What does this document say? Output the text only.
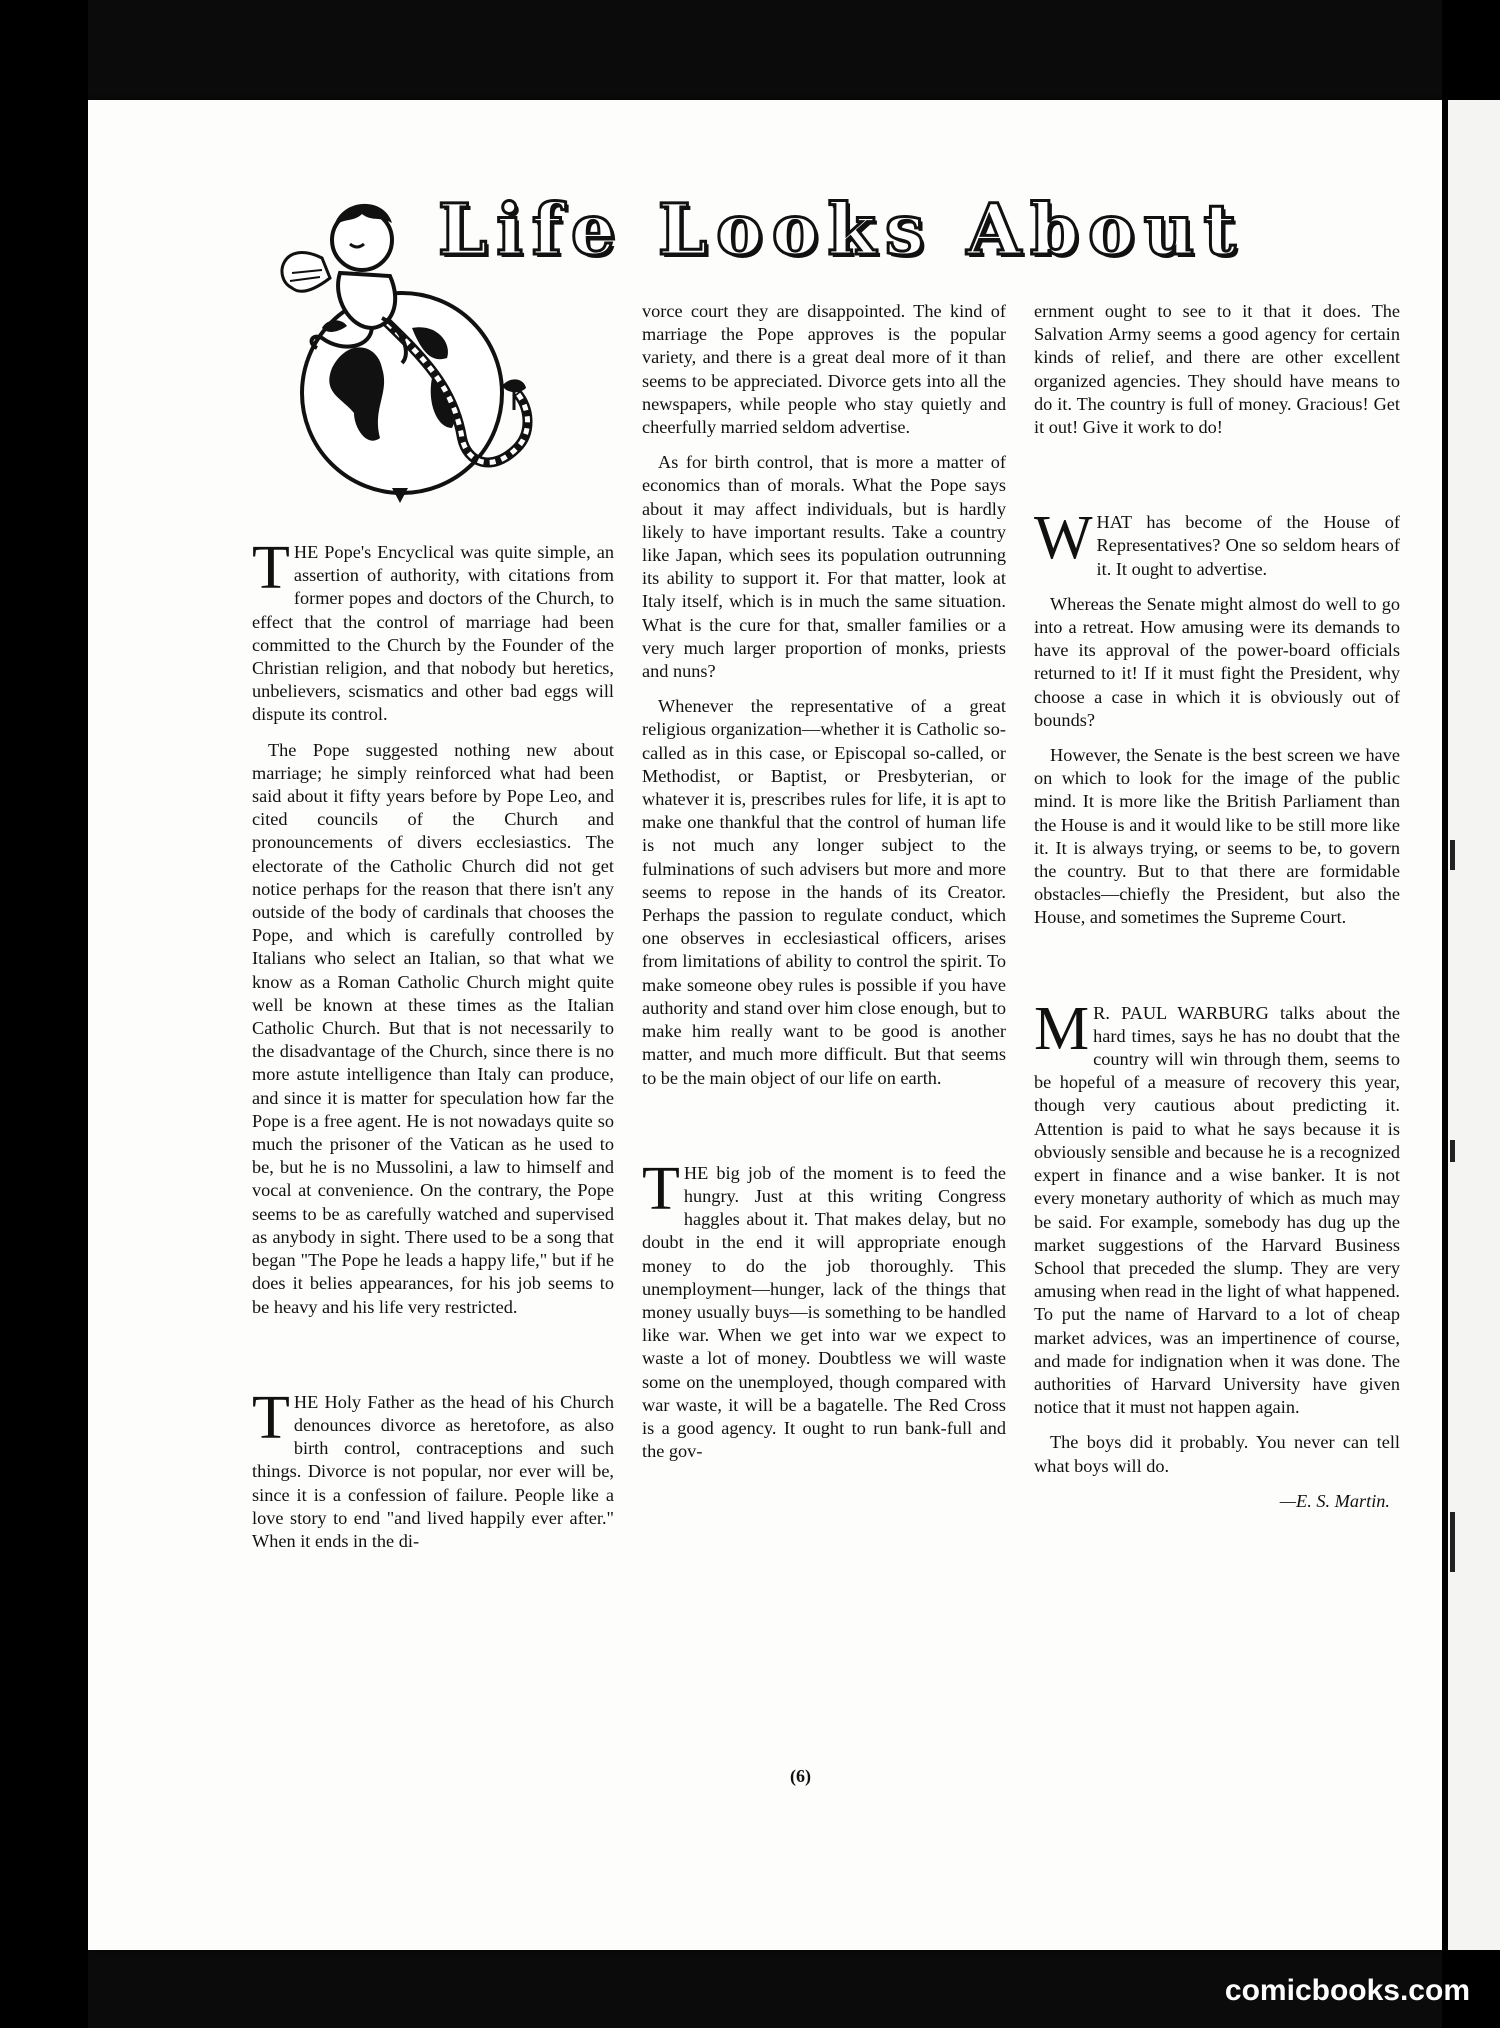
Life Looks About

THE Pope's Encyclical was quite simple, an assertion of authority, with citations from former popes and doctors of the Church, to effect that the control of marriage had been committed to the Church by the Founder of the Christian religion, and that nobody but heretics, unbelievers, scismatics and other bad eggs will dispute its control.

The Pope suggested nothing new about marriage; he simply reinforced what had been said about it fifty years before by Pope Leo, and cited councils of the Church and pronouncements of divers ecclesiastics. The electorate of the Catholic Church did not get notice perhaps for the reason that there isn't any outside of the body of cardinals that chooses the Pope, and which is carefully controlled by Italians who select an Italian, so that what we know as a Roman Catholic Church might quite well be known at these times as the Italian Catholic Church. But that is not necessarily to the disadvantage of the Church, since there is no more astute intelligence than Italy can produce, and since it is matter for speculation how far the Pope is a free agent. He is not nowadays quite so much the prisoner of the Vatican as he used to be, but he is no Mussolini, a law to himself and vocal at convenience. On the contrary, the Pope seems to be as carefully watched and supervised as anybody in sight. There used to be a song that began "The Pope he leads a happy life," but if he does it belies appearances, for his job seems to be heavy and his life very restricted.

THE Holy Father as the head of his Church denounces divorce as heretofore, as also birth control, contraceptions and such things. Divorce is not popular, nor ever will be, since it is a confession of failure. People like a love story to end "and lived happily ever after." When it ends in the di-

vorce court they are disappointed. The kind of marriage the Pope approves is the popular variety, and there is a great deal more of it than seems to be appreciated. Divorce gets into all the newspapers, while people who stay quietly and cheerfully married seldom advertise.

As for birth control, that is more a matter of economics than of morals. What the Pope says about it may affect individuals, but is hardly likely to have important results. Take a country like Japan, which sees its population outrunning its ability to support it. For that matter, look at Italy itself, which is in much the same situation. What is the cure for that, smaller families or a very much larger proportion of monks, priests and nuns?

Whenever the representative of a great religious organization—whether it is Catholic so-called as in this case, or Episcopal so-called, or Methodist, or Baptist, or Presbyterian, or whatever it is, prescribes rules for life, it is apt to make one thankful that the control of human life is not much any longer subject to the fulminations of such advisers but more and more seems to repose in the hands of its Creator. Perhaps the passion to regulate conduct, which one observes in ecclesiastical officers, arises from limitations of ability to control the spirit. To make someone obey rules is possible if you have authority and stand over him close enough, but to make him really want to be good is another matter, and much more difficult. But that seems to be the main object of our life on earth.

THE big job of the moment is to feed the hungry. Just at this writing Congress haggles about it. That makes delay, but no doubt in the end it will appropriate enough money to do the job thoroughly. This unemployment—hunger, lack of the things that money usually buys—is something to be handled like war. When we get into war we expect to waste a lot of money. Doubtless we will waste some on the unemployed, though compared with war waste, it will be a bagatelle. The Red Cross is a good agency. It ought to run bank-full and the gov-

ernment ought to see to it that it does. The Salvation Army seems a good agency for certain kinds of relief, and there are other excellent organized agencies. They should have means to do it. The country is full of money. Gracious! Get it out! Give it work to do!

WHAT has become of the House of Representatives? One so seldom hears of it. It ought to advertise.

Whereas the Senate might almost do well to go into a retreat. How amusing were its demands to have its approval of the power-board officials returned to it! If it must fight the President, why choose a case in which it is obviously out of bounds?

However, the Senate is the best screen we have on which to look for the image of the public mind. It is more like the British Parliament than the House is and it would like to be still more like it. It is always trying, or seems to be, to govern the country. But to that there are formidable obstacles—chiefly the President, but also the House, and sometimes the Supreme Court.

M R. PAUL WARBURG talks about the hard times, says he has no doubt that the country will win through them, seems to be hopeful of a measure of recovery this year, though very cautious about predicting it. Attention is paid to what he says because it is obviously sensible and because he is a recognized expert in finance and a wise banker. It is not every monetary authority of which as much may be said. For example, somebody has dug up the market suggestions of the Harvard Business School that preceded the slump. They are very amusing when read in the light of what happened. To put the name of Harvard to a lot of cheap market advices, was an impertinence of course, and made for indignation when it was done. The authorities of Harvard University have given notice that it must not happen again.

The boys did it probably. You never can tell what boys will do.

—E. S. Martin.
(6)
comicbooks.com
